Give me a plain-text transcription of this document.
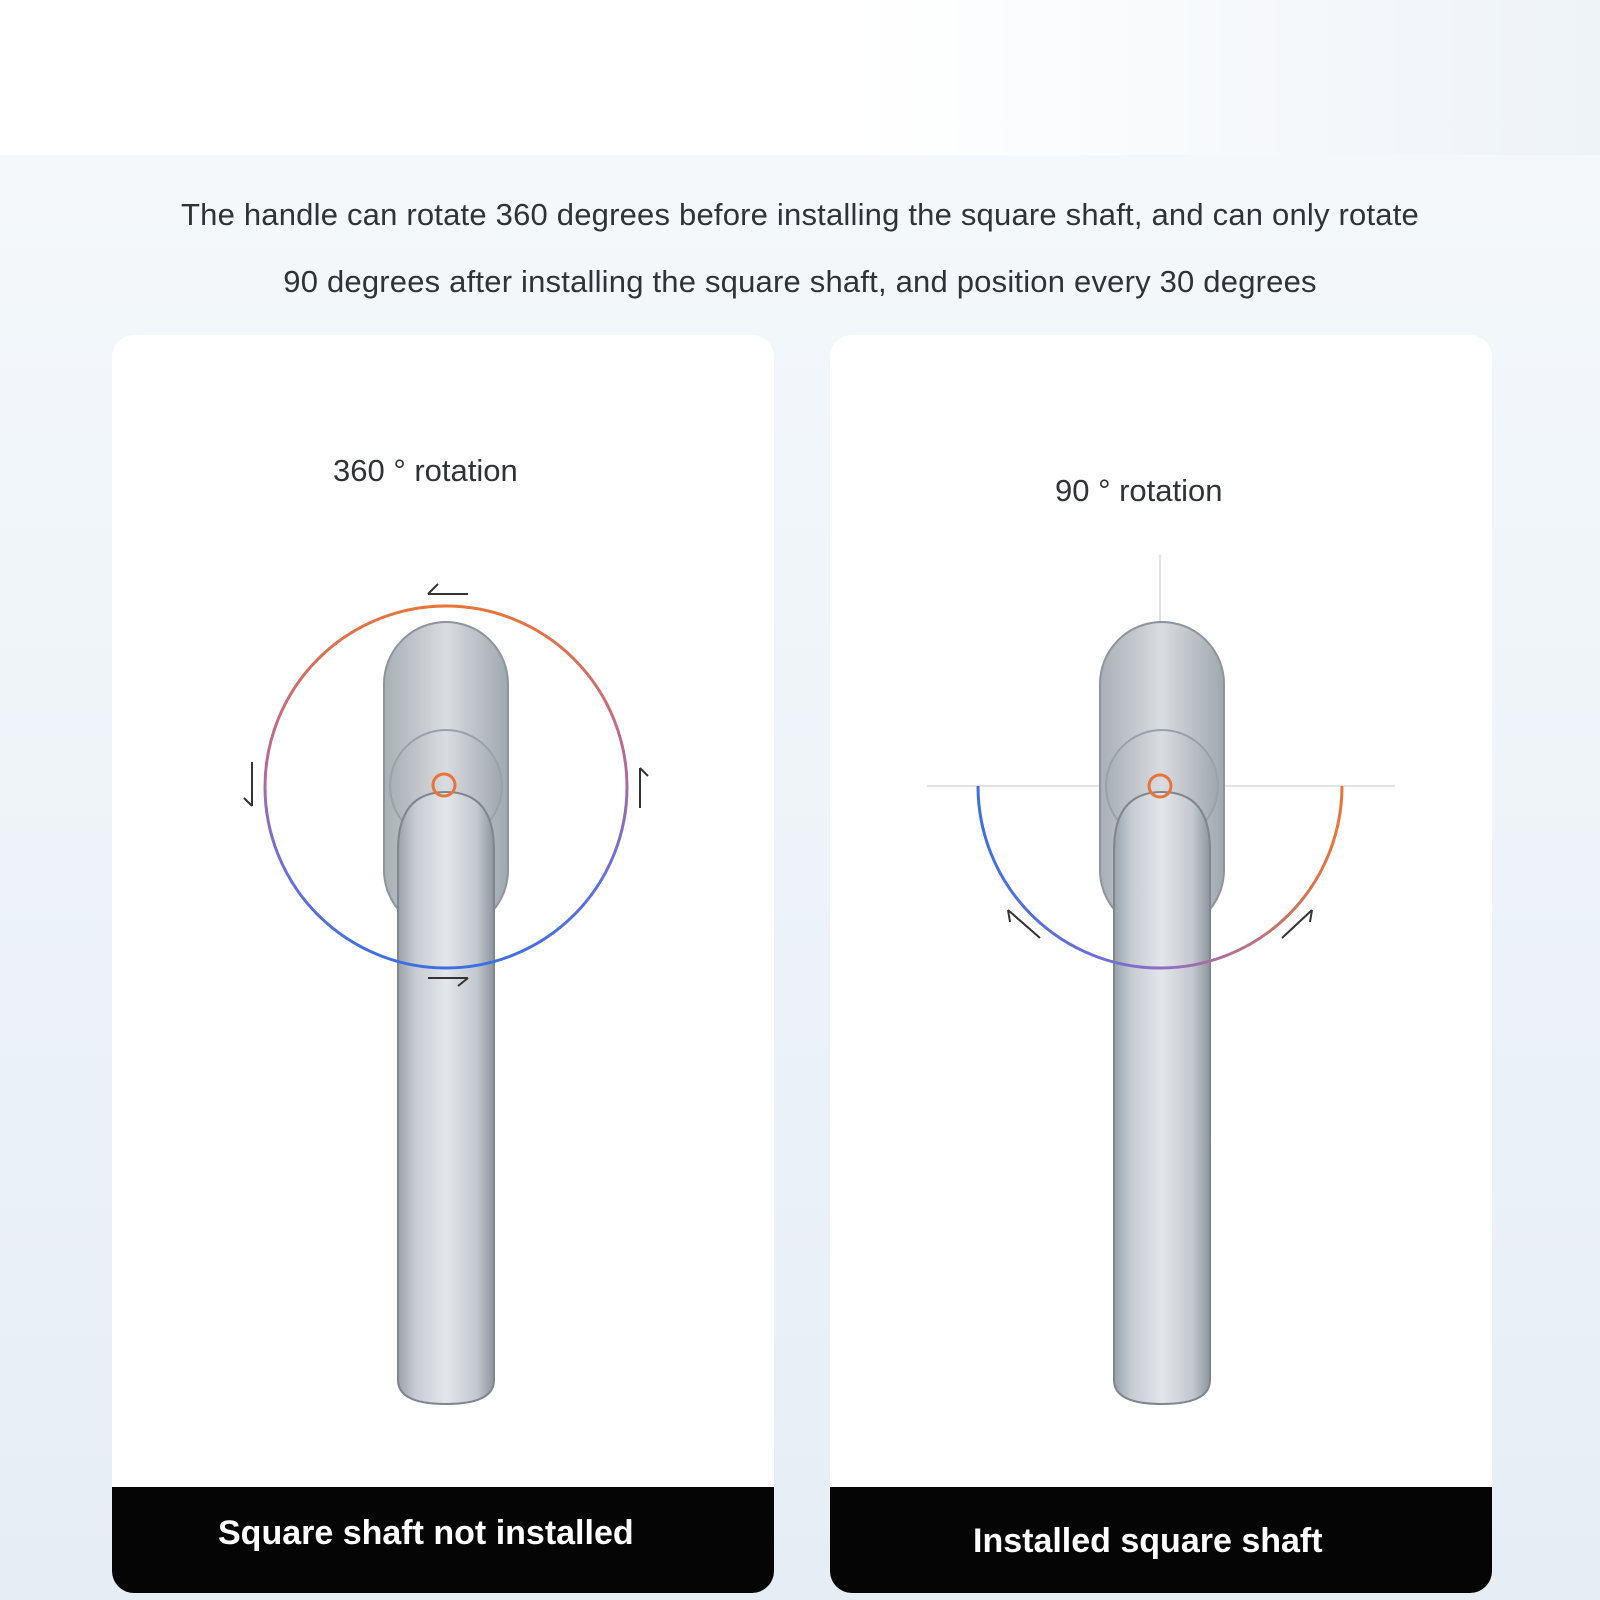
The handle can rotate 360 degrees before installing the square shaft, and can only rotate
90 degrees after installing the square shaft, and position every 30 degrees
360 ° rotation
Square shaft not installed
90 ° rotation
Installed square shaft
